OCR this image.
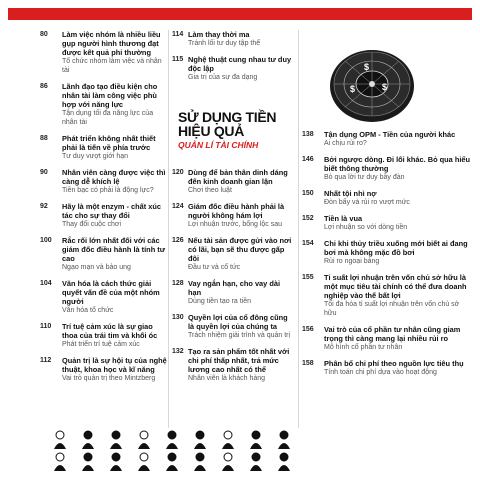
80	Làm việc nhóm là nhiều liều gụp người hình thương đạt được kết quả phi thường
Tổ chức nhóm làm việc và nhân tài
86	Lãnh đạo tạo điều kiện cho nhân tài làm công việc phù hợp với năng lực
Tận dụng tối đa năng lực của nhân tài
88	Phát triển không nhất thiết phải là tiến về phía trước
Tư duy vượt giới hạn
90	Nhân viên càng được việc thì càng dễ khích lệ
Tiền bạc có phải là động lực?
92	Hãy là một enzym - chất xúc tác cho sự thay đổi
Thay đổi cuộc chơi
100	Rắc rối lớn nhất đối với các giám đốc điều hành là tính tư cao
Ngạo mạn và bảo ung
104	Văn hóa là cách thức giải quyết vấn đề của một nhóm người
Văn hóa tổ chức
110	Trí tuệ cảm xúc là sự giao thoa của trái tim và khối óc
Phát triển trí tuệ cảm xúc
112	Quản trị là sự hội tụ của nghệ thuật, khoa học và kĩ năng
Vai trò quản trị theo Mintzberg
114 Làm thay thời ma
Tránh lối tư duy tập thể
115 Nghệ thuật cung nhau tư duy độc lập
Gia trị của sự đa dạng
SỬ DỤNG TIỀN HIỆU QUẢ
QUẢN LÍ TÀI CHÍNH
120 Dùng để bản thân dinh dáng đến kinh doanh gian lận
Chơi theo luật
124 Giám đốc điều hành phải là người không hám lợi
Lợi nhuận trước, bổng lộc sau
126 Nếu tài sản được gửi vào nơi có lãi, bạn sẽ thu được gấp đôi
Đầu tư và cổ tức
128 Vay ngắn hạn, cho vay dài hạn
Dùng tiền tạo ra tiền
130 Quyền lợi của cổ đông cũng là quyền lợi của chúng ta
Trách nhiệm giải trình và quản trị
132 Tạo ra sản phẩm tốt nhất với chi phí thấp nhất, trả mức lương cao nhất có thể
Nhân viên là khách hàng
$
$	$
138	Tận dụng OPM - Tiền của người khác
Ai chịu rủi ro?
146	Bởi ngược dòng. Đi lối khác. Bỏ qua hiểu biết thông thường
Bỏ qua lời tư duy bầy đàn
150	Nhất tội nhì nợ
Đòn bẩy và rủi ro vượt mức
152	Tiền là vua
Lợi nhuận so với dòng tiền
154	Chi khi thủy triều xuống mới biết ai đang bơi mà không mặc đồ bơi
Rủi ro ngoại bảng
155	Tỉ suất lợi nhuận trên vốn chủ sở hữu là một mục tiêu tài chính có thể đưa doanh nghiệp vào thế bất lợi
Tối đa hóa tỉ suất lợi nhuận trên vốn chủ sở hữu
156	Vai trò của cổ phần tư nhân cũng giam trọng thì càng mang lại nhiều rủi ro
Mô hình cổ phần tư nhân
158	Phân bổ chi phí theo nguồn lực tiêu thụ
Tính toán chi phí dựa vào hoạt động
